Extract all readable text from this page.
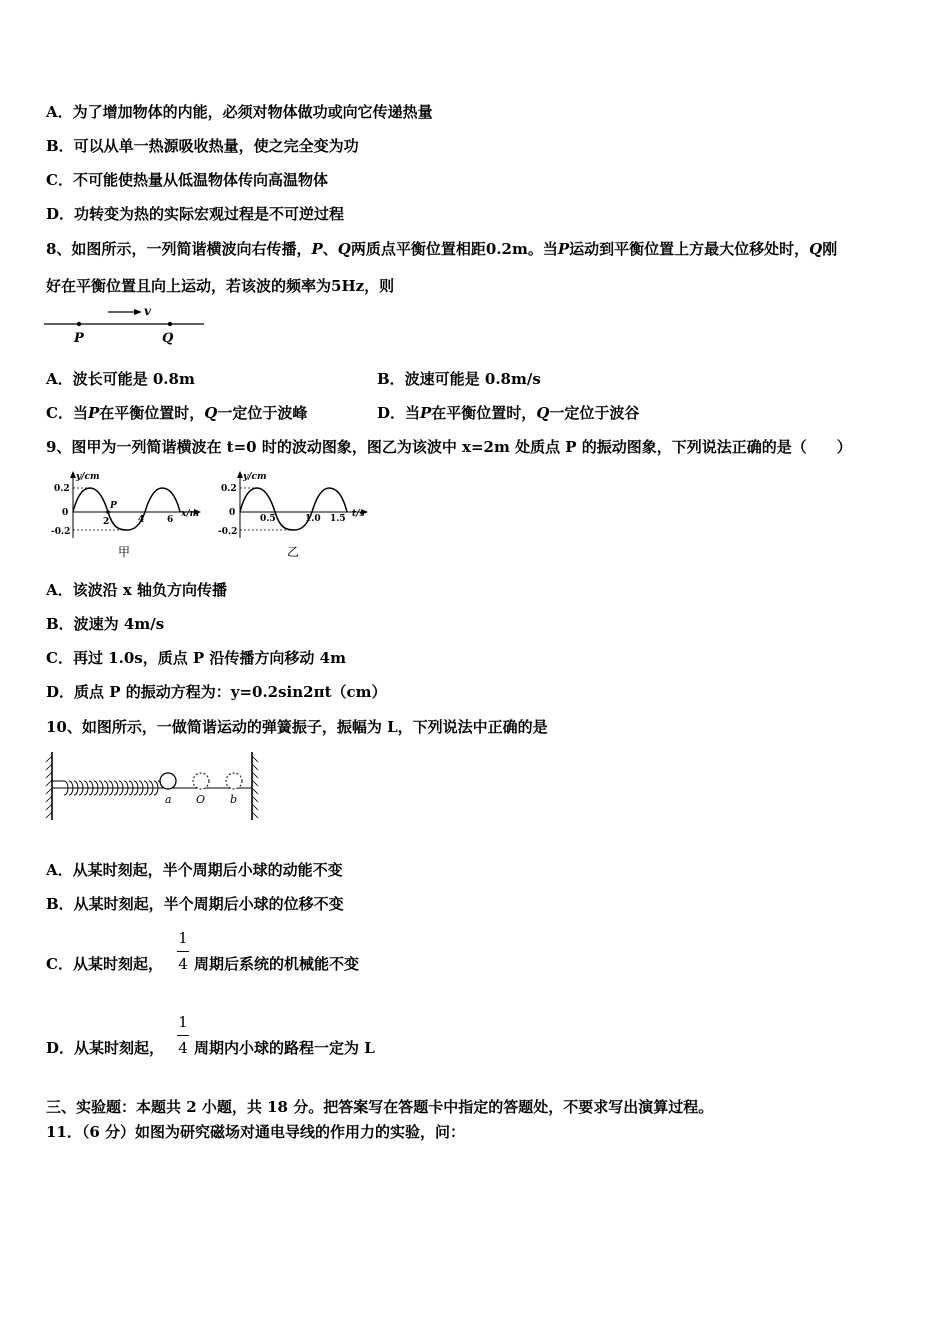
A．为了增加物体的内能，必须对物体做功或向它传递热量
B．可以从单一热源吸收热量，使之完全变为功
C．不可能使热量从低温物体传向高温物体
D．功转变为热的实际宏观过程是不可逆过程
8、如图所示，一列简谐横波向右传播，P、Q两质点平衡位置相距0.2m。当P运动到平衡位置上方最大位移处时，Q刚
好在平衡位置且向上运动，若该波的频率为5Hz，则
v
P	Q
A．波长可能是 0.8m	B．波速可能是 0.8m/s
C．当P在平衡位置时，Q一定位于波峰	D．当P在平衡位置时，Q一定位于波谷
9、图甲为一列简谐横波在 t=0 时的波动图象，图乙为该波中 x=2m 处质点 P 的振动图象，下列说法正确的是（　　）
y/cm
0.2
0
-0.2
P
2	4	6
x/m
甲
y/cm
0.2
0
-0.2
0.5	1.0 1.5 t/s
乙
A．该波沿 x 轴负方向传播
B．波速为 4m/s
C．再过 1.0s，质点 P 沿传播方向移动 4m
D．质点 P 的振动方程为：y=0.2sin2πt（cm）
10、如图所示，一做简谐运动的弹簧振子，振幅为 L，下列说法中正确的是
a O b
A．从某时刻起，半个周期后小球的动能不变
B．从某时刻起，半个周期后小球的位移不变
C．从某时刻起，
1
4 周期后系统的机械能不变
D．从某时刻起，
1
4 周期内小球的路程一定为 L
三、实验题：本题共 2 小题，共 18 分。把答案写在答题卡中指定的答题处，不要求写出演算过程。
11．（6 分）如图为研究磁场对通电导线的作用力的实验，问：
